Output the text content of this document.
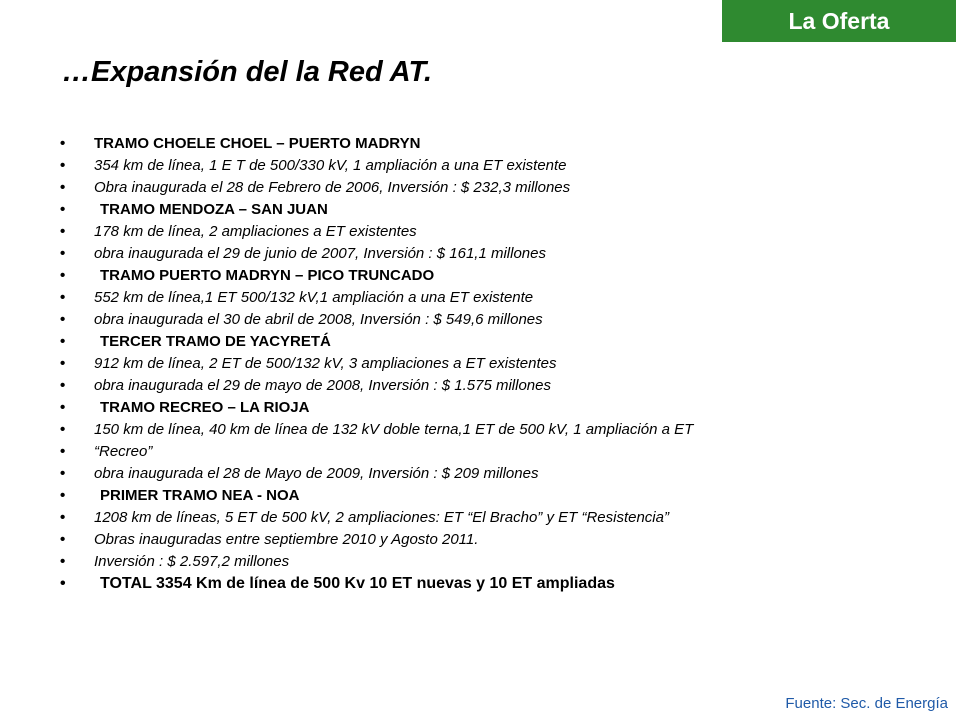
La Oferta
…Expansión del la Red AT.
•	TRAMO CHOELE CHOEL – PUERTO MADRYN
•	354 km de línea, 1 E T de 500/330 kV, 1 ampliación a una ET existente
•	Obra inaugurada el 28 de Febrero de 2006, Inversión : $ 232,3 millones
•	TRAMO MENDOZA – SAN JUAN
•	178 km de línea, 2 ampliaciones a ET existentes
•	obra inaugurada el 29 de junio de 2007, Inversión : $ 161,1 millones
•	TRAMO PUERTO MADRYN – PICO TRUNCADO
•	552 km de línea,1 ET 500/132 kV,1 ampliación a una ET existente
•	obra inaugurada el 30 de abril de 2008, Inversión : $ 549,6 millones
•	TERCER TRAMO DE YACYRETÁ
•	912 km de línea, 2 ET de 500/132 kV, 3 ampliaciones a ET existentes
•	obra inaugurada el 29 de mayo de 2008, Inversión : $ 1.575 millones
•	TRAMO RECREO – LA RIOJA
•	150 km de línea, 40 km de línea de 132 kV doble terna,1 ET de 500 kV, 1 ampliación a ET
•	“Recreo”
•	obra inaugurada el 28 de Mayo de 2009, Inversión : $ 209 millones
•	PRIMER TRAMO NEA - NOA
•	1208 km de líneas, 5 ET de 500 kV, 2 ampliaciones: ET “El Bracho” y ET “Resistencia”
•	Obras inauguradas entre septiembre 2010 y Agosto 2011.
•	Inversión : $ 2.597,2 millones
•	TOTAL 3354 Km de línea de 500 Kv 10 ET nuevas y 10 ET ampliadas
Fuente: Sec. de Energía
